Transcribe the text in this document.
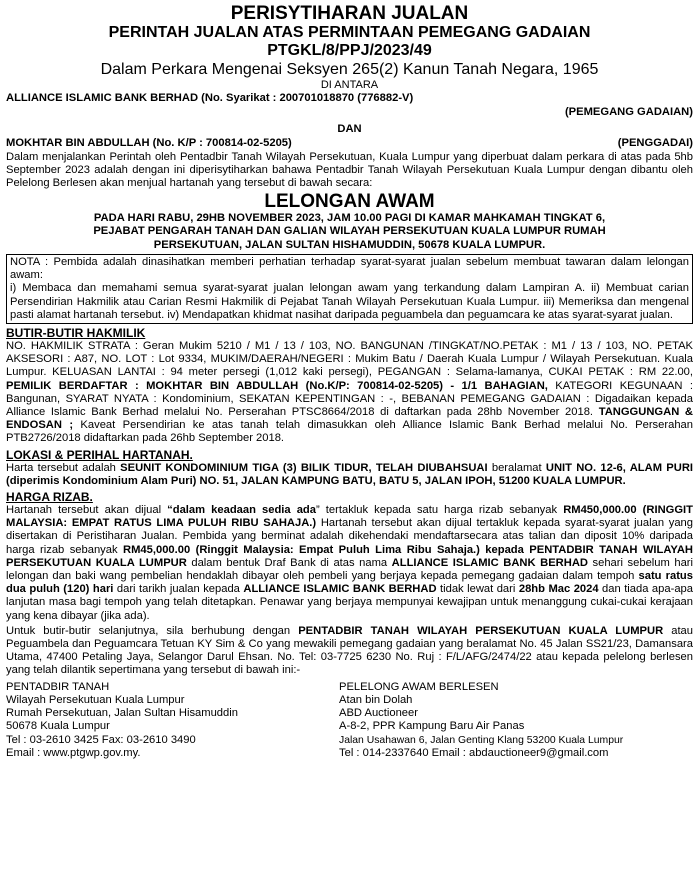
PERISYTIHARAN JUALAN
PERINTAH JUALAN ATAS PERMINTAAN PEMEGANG GADAIAN
PTGKL/8/PPJ/2023/49
Dalam Perkara Mengenai Seksyen 265(2) Kanun Tanah Negara, 1965
DI ANTARA
ALLIANCE ISLAMIC BANK BERHAD (No. Syarikat : 200701018870 (776882-V)
(PEMEGANG GADAIAN)
DAN
MOKHTAR BIN ABDULLAH (No. K/P : 700814-02-5205)	(PENGGADAI)
Dalam menjalankan Perintah oleh Pentadbir Tanah Wilayah Persekutuan, Kuala Lumpur yang diperbuat dalam perkara di atas pada 5hb September 2023 adalah dengan ini diperisytiharkan bahawa Pentadbir Tanah Wilayah Persekutuan Kuala Lumpur dengan dibantu oleh Pelelong Berlesen akan menjual hartanah yang tersebut di bawah secara:
LELONGAN AWAM
PADA HARI RABU, 29HB NOVEMBER 2023, JAM 10.00 PAGI DI KAMAR MAHKAMAH TINGKAT 6,
PEJABAT PENGARAH TANAH DAN GALIAN WILAYAH PERSEKUTUAN KUALA LUMPUR RUMAH
PERSEKUTUAN, JALAN SULTAN HISHAMUDDIN, 50678 KUALA LUMPUR.
NOTA : Pembida adalah dinasihatkan memberi perhatian terhadap syarat-syarat jualan sebelum membuat tawaran dalam lelongan awam:
i) Membaca dan memahami semua syarat-syarat jualan lelongan awam yang terkandung dalam Lampiran A. ii) Membuat carian Persendirian Hakmilik atau Carian Resmi Hakmilik di Pejabat Tanah Wilayah Persekutuan Kuala Lumpur. iii) Memeriksa dan mengenal pasti alamat hartanah tersebut. iv) Mendapatkan khidmat nasihat daripada peguambela dan peguamcara ke atas syarat-syarat jualan.
BUTIR-BUTIR HAKMILIK
NO. HAKMILIK STRATA : Geran Mukim 5210 / M1 / 13 / 103, NO. BANGUNAN /TINGKAT/NO.PETAK : M1 / 13 / 103, NO. PETAK AKSESORI : A87, NO. LOT : Lot 9334, MUKIM/DAERAH/NEGERI : Mukim Batu / Daerah Kuala Lumpur / Wilayah Persekutuan. Kuala Lumpur. KELUASAN LANTAI : 94 meter persegi (1,012 kaki persegi), PEGANGAN : Selama-lamanya, CUKAI PETAK : RM 22.00, PEMILIK BERDAFTAR : MOKHTAR BIN ABDULLAH (No.K/P: 700814-02-5205) - 1/1 BAHAGIAN, KATEGORI KEGUNAAN : Bangunan, SYARAT NYATA : Kondominium, SEKATAN KEPENTINGAN : -, BEBANAN PEMEGANG GADAIAN : Digadaikan kepada Alliance Islamic Bank Berhad melalui No. Perserahan PTSC8664/2018 di daftarkan pada 28hb November 2018. TANGGUNGAN & ENDOSAN ; Kaveat Persendirian ke atas tanah telah dimasukkan oleh Alliance Islamic Bank Berhad melalui No. Perserahan PTB2726/2018 didaftarkan pada 26hb September 2018.
LOKASI & PERIHAL HARTANAH.
Harta tersebut adalah SEUNIT KONDOMINIUM TIGA (3) BILIK TIDUR, TELAH DIUBAHSUAI beralamat UNIT NO. 12-6, ALAM PURI (diperimis Kondominium Alam Puri) NO. 51, JALAN KAMPUNG BATU, BATU 5, JALAN IPOH, 51200 KUALA LUMPUR.
HARGA RIZAB.
Hartanah tersebut akan dijual “dalam keadaan sedia ada” tertakluk kepada satu harga rizab sebanyak RM450,000.00 (RINGGIT MALAYSIA: EMPAT RATUS LIMA PULUH RIBU SAHAJA.) Hartanah tersebut akan dijual tertakluk kepada syarat-syarat jualan yang disertakan di Peristiharan Jualan. Pembida yang berminat adalah dikehendaki mendaftarsecara atas talian dan diposit 10% daripada harga rizab sebanyak RM45,000.00 (Ringgit Malaysia: Empat Puluh Lima Ribu Sahaja.) kepada PENTADBIR TANAH WILAYAH PERSEKUTUAN KUALA LUMPUR dalam bentuk Draf Bank di atas nama ALLIANCE ISLAMIC BANK BERHAD sehari sebelum hari lelongan dan baki wang pembelian hendaklah dibayar oleh pembeli yang berjaya kepada pemegang gadaian dalam tempoh satu ratus dua puluh (120) hari dari tarikh jualan kepada ALLIANCE ISLAMIC BANK BERHAD tidak lewat dari 28hb Mac 2024 dan tiada apa-apa lanjutan masa bagi tempoh yang telah ditetapkan. Penawar yang berjaya mempunyai kewajipan untuk menanggung cukai-cukai kerajaan yang kena dibayar (jika ada).
Untuk butir-butir selanjutnya, sila berhubung dengan PENTADBIR TANAH WILAYAH PERSEKUTUAN KUALA LUMPUR atau Peguambela dan Peguamcara Tetuan KY Sim & Co yang mewakili pemegang gadaian yang beralamat No. 45 Jalan SS21/23, Damansara Utama, 47400 Petaling Jaya, Selangor Darul Ehsan. No. Tel: 03-7725 6230 No. Ruj : F/L/AFG/2474/22 atau kepada pelelong berlesen yang telah dilantik sepertimana yang tersebut di bawah ini:-
PENTADBIR TANAH
Wilayah Persekutuan Kuala Lumpur
Rumah Persekutuan, Jalan Sultan Hisamuddin
50678 Kuala Lumpur
Tel : 03-2610 3425 Fax: 03-2610 3490
Email : www.ptgwp.gov.my.
PELELONG AWAM BERLESEN
Atan bin Dolah
ABD Auctioneer
A-8-2, PPR Kampung Baru Air Panas
Jalan Usahawan 6, Jalan Genting Klang 53200 Kuala Lumpur
Tel : 014-2337640 Email : abdauctioneer9@gmail.com
